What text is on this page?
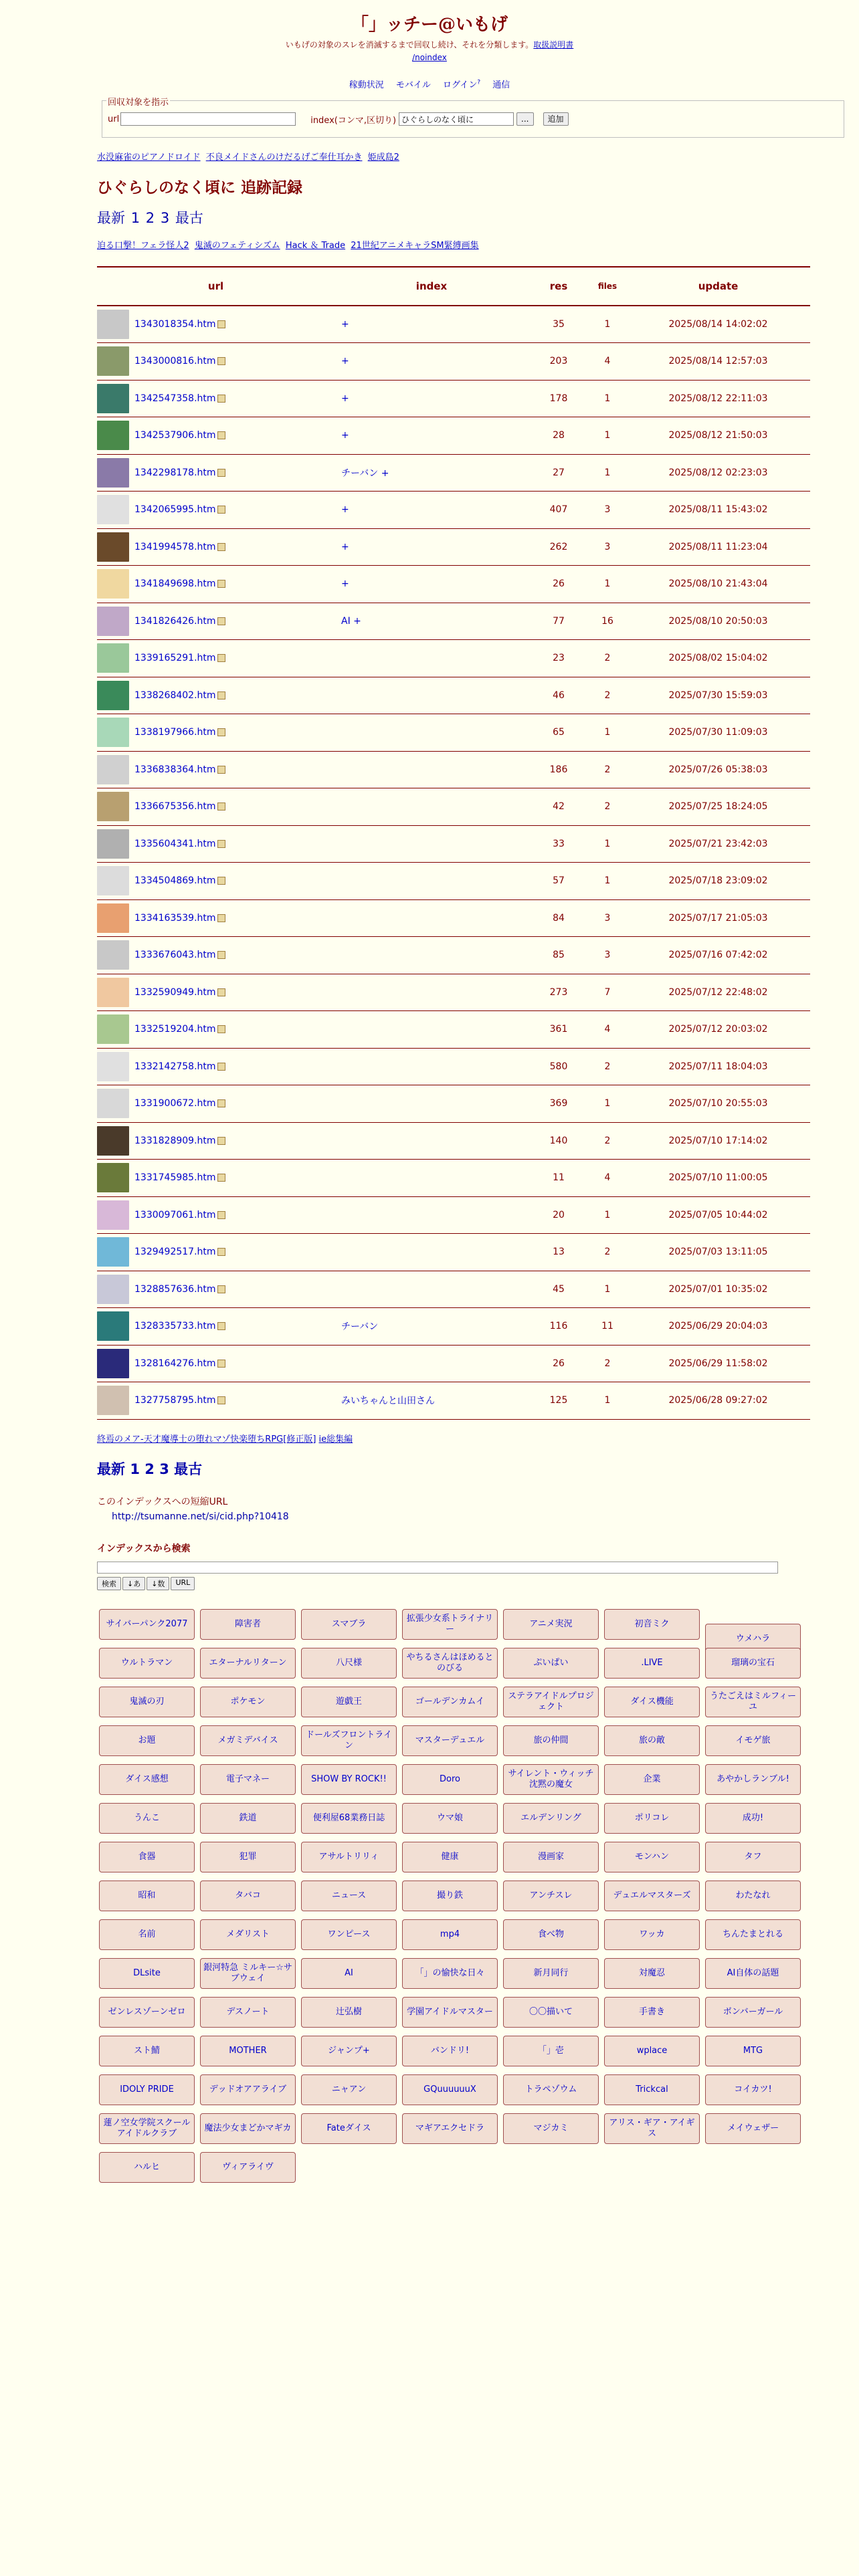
「」ッチー@いもげ
いもげの対象のスレを消滅するまで回収し続け、それを分類します。取扱説明書
/noindex
稼動状況 モバイル ログイン? 通信
回収対象を指示
url	index(コンマ,区切り)
ひぐらしのなく頃に	...	追加
水没麻雀のピアノドロイド 不良メイドさんのけだるげご奉仕耳かき 姫成島2
ひぐらしのなく頃に 追跡記録
最新 1 2 3 最古
迫る口撃！フェラ怪人2 鬼滅のフェティシズム Hack ＆ Trade 21世紀アニメキャラSM緊縛画集
url	index	res	files	update
1343018354.htm	+	35	1	2025/08/14 14:02:02
1343000816.htm	+	203	4	2025/08/14 12:57:03
1342547358.htm	+	178	1	2025/08/12 22:11:03
1342537906.htm	+	28	1	2025/08/12 21:50:03
1342298178.htm	チーバン +	27	1	2025/08/12 02:23:03
1342065995.htm	+	407	3	2025/08/11 15:43:02
1341994578.htm	+	262	3	2025/08/11 11:23:04
1341849698.htm	+	26	1	2025/08/10 21:43:04
1341826426.htm	AI +	77	16	2025/08/10 20:50:03
1339165291.htm		23	2	2025/08/02 15:04:02
1338268402.htm		46	2	2025/07/30 15:59:03
1338197966.htm		65	1	2025/07/30 11:09:03
1336838364.htm		186	2	2025/07/26 05:38:03
1336675356.htm		42	2	2025/07/25 18:24:05
1335604341.htm		33	1	2025/07/21 23:42:03
1334504869.htm		57	1	2025/07/18 23:09:02
1334163539.htm		84	3	2025/07/17 21:05:03
1333676043.htm		85	3	2025/07/16 07:42:02
1332590949.htm		273	7	2025/07/12 22:48:02
1332519204.htm		361	4	2025/07/12 20:03:02
1332142758.htm		580	2	2025/07/11 18:04:03
1331900672.htm		369	1	2025/07/10 20:55:03
1331828909.htm		140	2	2025/07/10 17:14:02
1331745985.htm		11	4	2025/07/10 11:00:05
1330097061.htm		20	1	2025/07/05 10:44:02
1329492517.htm		13	2	2025/07/03 13:11:05
1328857636.htm		45	1	2025/07/01 10:35:02
1328335733.htm	チーバン	116	11	2025/06/29 20:04:03
1328164276.htm		26	2	2025/06/29 11:58:02
1327758795.htm	みいちゃんと山田さん	125	1	2025/06/28 09:27:02
終焉のメア-天才魔導士の堕れマゾ快楽堕ちRPG[修正版] ie総集編
最新 1 2 3 最古
このインデックスへの短縮URL
http://tsumanne.net/si/cid.php?10418
インデックスから検索
検索	↓あ	↓数	URL
サイバーパンク2077	障害者	スマブラ
拡張少女系トライナリー
アニメ実況	初音ミク
ウメハラ
ウルトラマン	エターナルリターン	八尺様
やちるさんはほめるとのびる
ぷいぱい	.LIVE	瑠璃の宝石
鬼滅の刃	ポケモン	遊戯王	ゴールデンカムイ
ステラアイドルプロジェクト
ダイス機能
うたごえはミルフィーユ
お題	メガミデバイス
ドールズフロントライン
マスターデュエル	旅の仲間	旅の敵	イモゲ旅
ダイス感想	電子マネー	SHOW BY ROCK!!	Doro
サイレント・ウィッチ 沈黙の魔女
企業	あやかしランブル!
うんこ	鉄道	便利屋68業務日誌	ウマ娘	エルデンリング	ポリコレ	成功!
食器	犯罪	アサルトリリィ	健康	漫画家	モンハン	タフ
昭和	タバコ	ニュース	撮り鉄	アンチスレ	デュエルマスターズ	わたなれ
名前	メダリスト	ワンピース	mp4	食べ物	ワッカ	ちんたまとれる
DLsite
銀河特急 ミルキー☆サブウェイ
AI	「」の愉快な日々	新月同行	対魔忍	AI自体の話題
ゼンレスゾーンゼロ	デスノート	辻弘樹	学園アイドルマスター	〇〇描いて	手書き	ボンバーガール
スト鯖	MOTHER	ジャンプ+	バンドリ!	「」壱	wplace	MTG
IDOLY PRIDE	デッドオアアライブ	ニャアン	GQuuuuuuX	トラペゾウム	Trickcal	コイカツ!
蓮ノ空女学院スクールアイドルクラブ
魔法少女まどかマギカ	Fateダイス	マギアエクセドラ	マジカミ
アリス・ギア・アイギス
メイウェザー
ハルヒ	ヴィアライヴ
